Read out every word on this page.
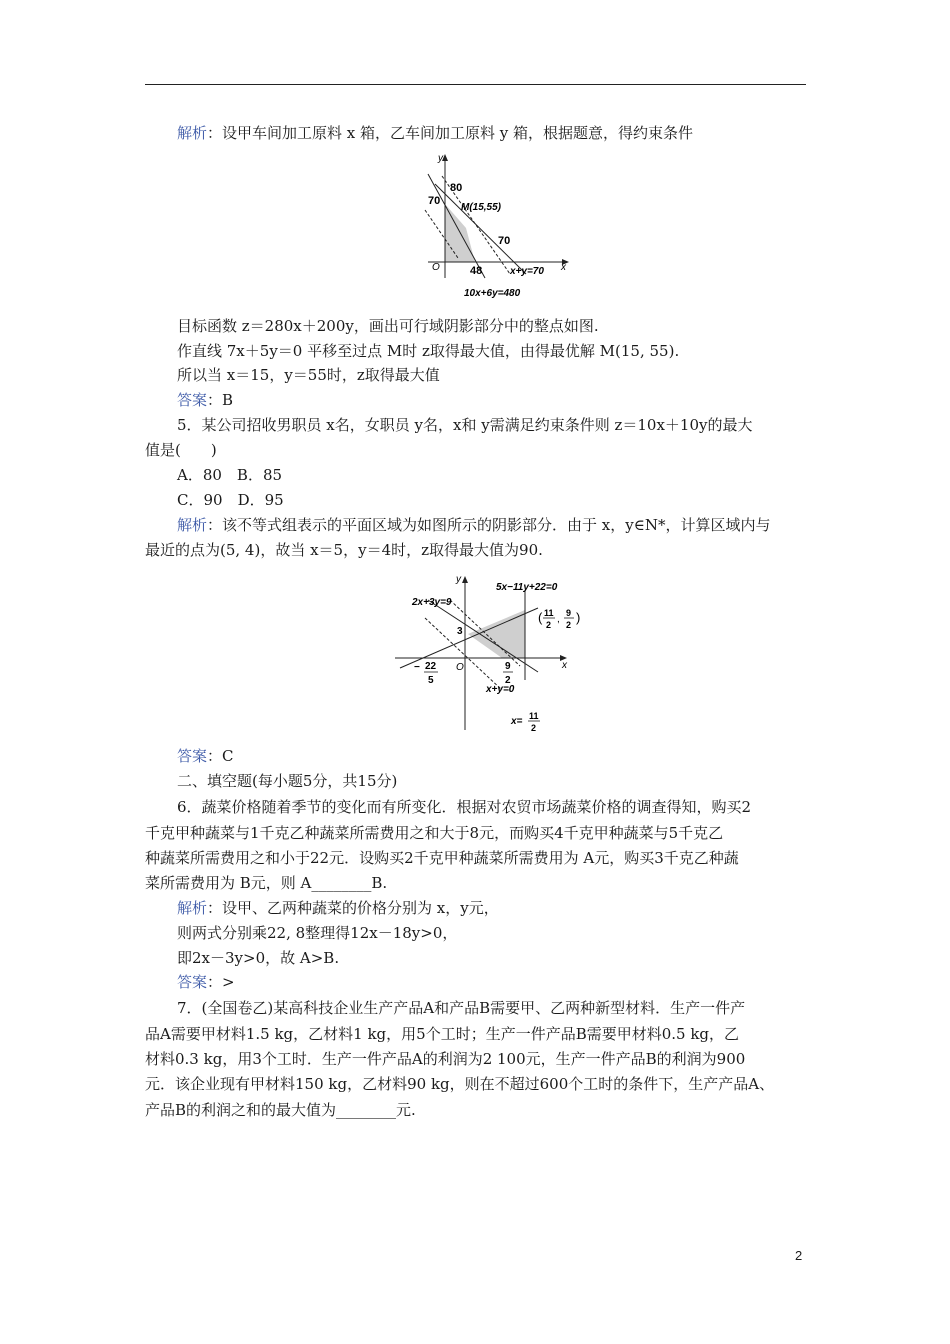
解析：设甲车间加工原料 x 箱，乙车间加工原料 y 箱，根据题意，得约束条件
y
x
O
80
70
M(15,55)
70
48	x+y=70
10x+6y=480
目标函数 z＝280x＋200y，画出可行域阴影部分中的整点如图.
作直线 7x＋5y＝0 平移至过点 M时 z取得最大值，由得最优解 M(15, 55).
所以当 x＝15，y＝55时，z取得最大值
答案：B
5．某公司招收男职员 x名，女职员 y名，x和 y需满足约束条件则 z＝10x＋10y的最大
值是(　　)
A．80　B．85
C．90　D．95
解析：该不等式组表示的平面区域为如图所示的阴影部分．由于 x，y∈N*，计算区域内与
最近的点为(5, 4)，故当 x＝5，y＝4时，z取得最大值为90.
y
x
O
2x+3y=9
5x−11y+22=0
3
x+y=0
− 22
5
9
2
x= 11
2
( 11
2 ,
9
2 )
答案：C
二、填空题(每小题5分，共15分)
6．蔬菜价格随着季节的变化而有所变化．根据对农贸市场蔬菜价格的调查得知，购买2
千克甲种蔬菜与1千克乙种蔬菜所需费用之和大于8元，而购买4千克甲种蔬菜与5千克乙
种蔬菜所需费用之和小于22元．设购买2千克甲种蔬菜所需费用为 A元，购买3千克乙种蔬
菜所需费用为 B元，则 A________B.
解析：设甲、乙两种蔬菜的价格分别为 x，y元，
则两式分别乘22, 8整理得12x－18y>0，
即2x－3y>0，故 A>B.
答案：>
7．(全国卷乙)某高科技企业生产产品A和产品B需要甲、乙两种新型材料．生产一件产
品A需要甲材料1.5 kg，乙材料1 kg，用5个工时；生产一件产品B需要甲材料0.5 kg，乙
材料0.3 kg，用3个工时．生产一件产品A的利润为2 100元，生产一件产品B的利润为900
元．该企业现有甲材料150 kg，乙材料90 kg，则在不超过600个工时的条件下，生产产品A、
产品B的利润之和的最大值为________元.
2
